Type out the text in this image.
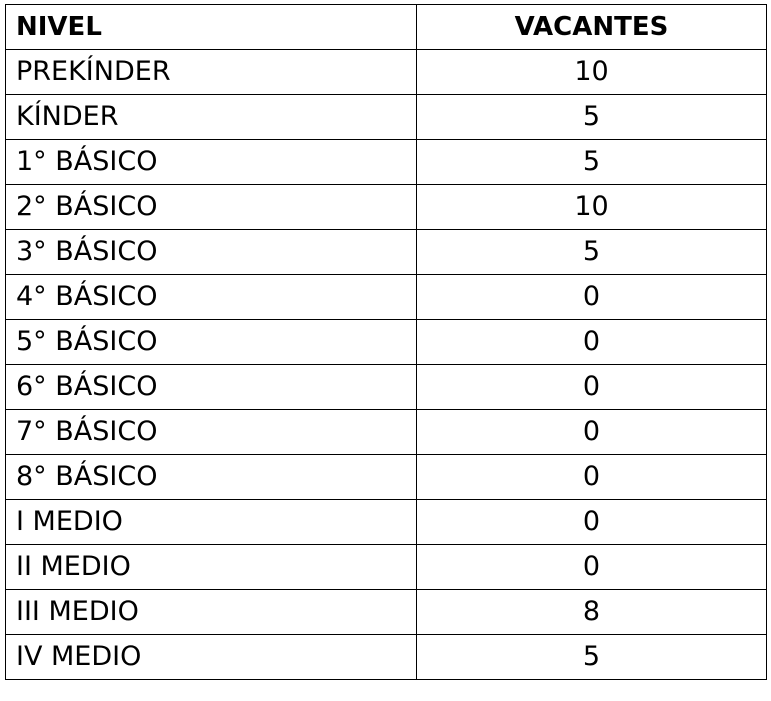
NIVEL	VACANTES
PREKÍNDER	10
KÍNDER	5
1° BÁSICO	5
2° BÁSICO	10
3° BÁSICO	5
4° BÁSICO	0
5° BÁSICO	0
6° BÁSICO	0
7° BÁSICO	0
8° BÁSICO	0
I MEDIO	0
II MEDIO	0
III MEDIO	8
IV MEDIO	5
